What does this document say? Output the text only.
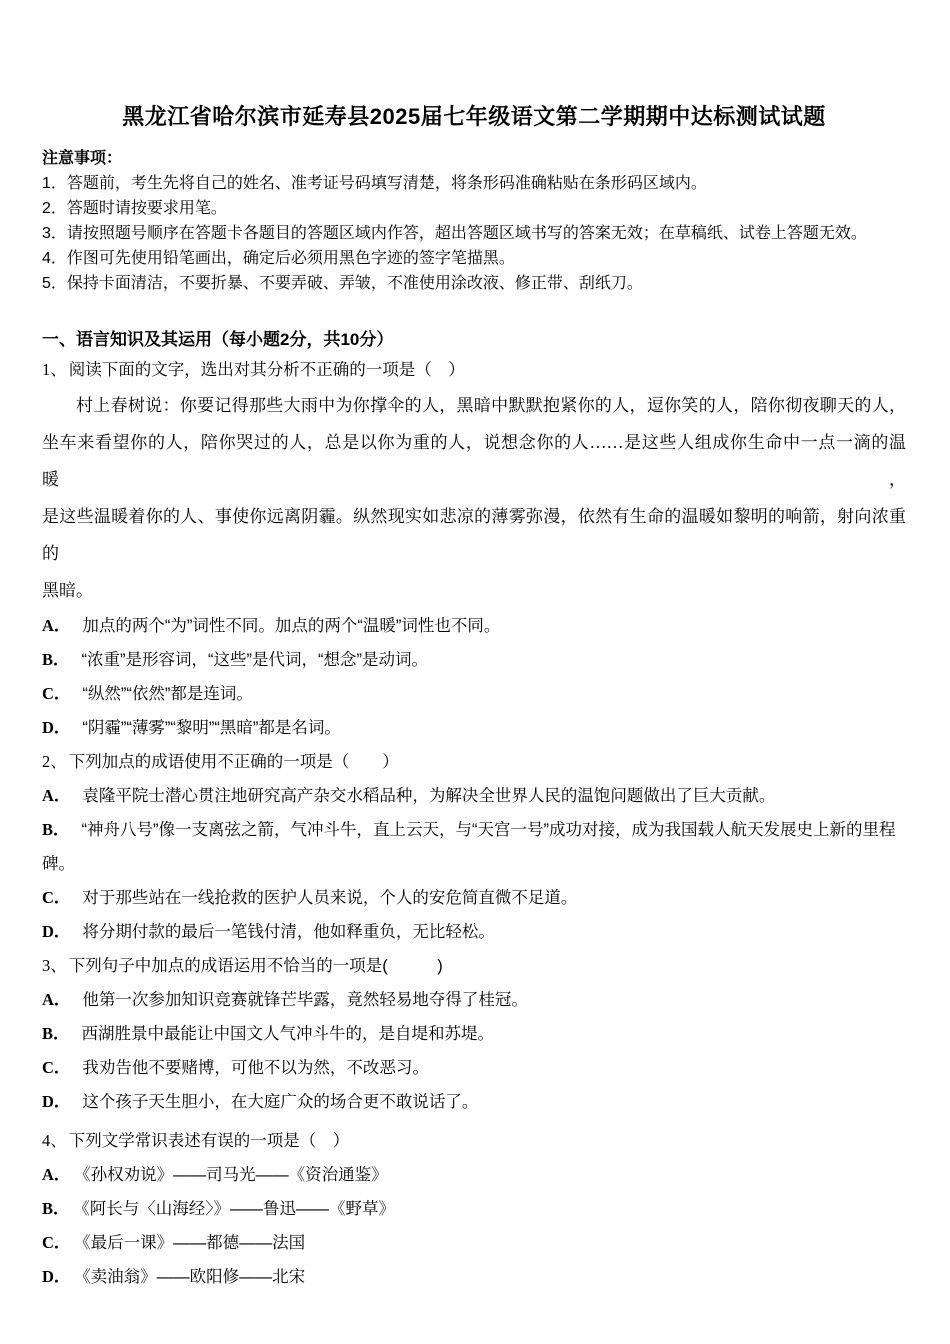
黑龙江省哈尔滨市延寿县2025届七年级语文第二学期期中达标测试试题

注意事项：

1．答题前，考生先将自己的姓名、准考证号码填写清楚，将条形码准确粘贴在条形码区域内。

2．答题时请按要求用笔。

3．请按照题号顺序在答题卡各题目的答题区域内作答，超出答题区域书写的答案无效；在草稿纸、试卷上答题无效。

4．作图可先使用铅笔画出，确定后必须用黑色字迹的签字笔描黑。

5．保持卡面清洁，不要折暴、不要弄破、弄皱，不准使用涂改液、修正带、刮纸刀。

一、语言知识及其运用（每小题2分，共10分）

1、 阅读下面的文字，选出对其分析不正确的一项是（　）

村上春树说：你要记得那些大雨中为你撑伞的人，黑暗中默默抱紧你的人，逗你笑的人，陪你彻夜聊天的人，

坐车来看望你的人，陪你哭过的人，总是以你为重的人，说想念你的人……是这些人组成你生命中一点一滴的温暖，

是这些温暖着你的人、事使你远离阴霾。纵然现实如悲凉的薄雾弥漫，依然有生命的温暖如黎明的响箭，射向浓重的

黑暗。

A． 加点的两个“为”词性不同。加点的两个“温暖”词性也不同。

B． “浓重”是形容词，“这些”是代词，“想念”是动词。

C． “纵然”“依然”都是连词。

D． “阴霾”“薄雾”“黎明”“黑暗”都是名词。

2、 下列加点的成语使用不正确的一项是（　　）

A． 袁隆平院士潜心贯注地研究高产杂交水稻品种，为解决全世界人民的温饱问题做出了巨大贡献。

B． “神舟八号”像一支离弦之箭，气冲斗牛，直上云天，与“天宫一号”成功对接，成为我国载人航天发展史上新的里程碑。

C． 对于那些站在一线抢救的医护人员来说，个人的安危简直微不足道。

D． 将分期付款的最后一笔钱付清，他如释重负，无比轻松。

3、 下列句子中加点的成语运用不恰当的一项是(　　　)

A． 他第一次参加知识竞赛就锋芒毕露，竟然轻易地夺得了桂冠。

B． 西湖胜景中最能让中国文人气冲斗牛的，是自堤和苏堤。

C． 我劝告他不要赌博，可他不以为然，不改恶习。

D． 这个孩子天生胆小，在大庭广众的场合更不敢说话了。

4、 下列文学常识表述有误的一项是（　）

A． 《孙权劝说》——司马光——《资治通鉴》

B． 《阿长与〈山海经〉》——鲁迅——《野草》

C． 《最后一课》——都德——法国

D． 《卖油翁》——欧阳修——北宋
